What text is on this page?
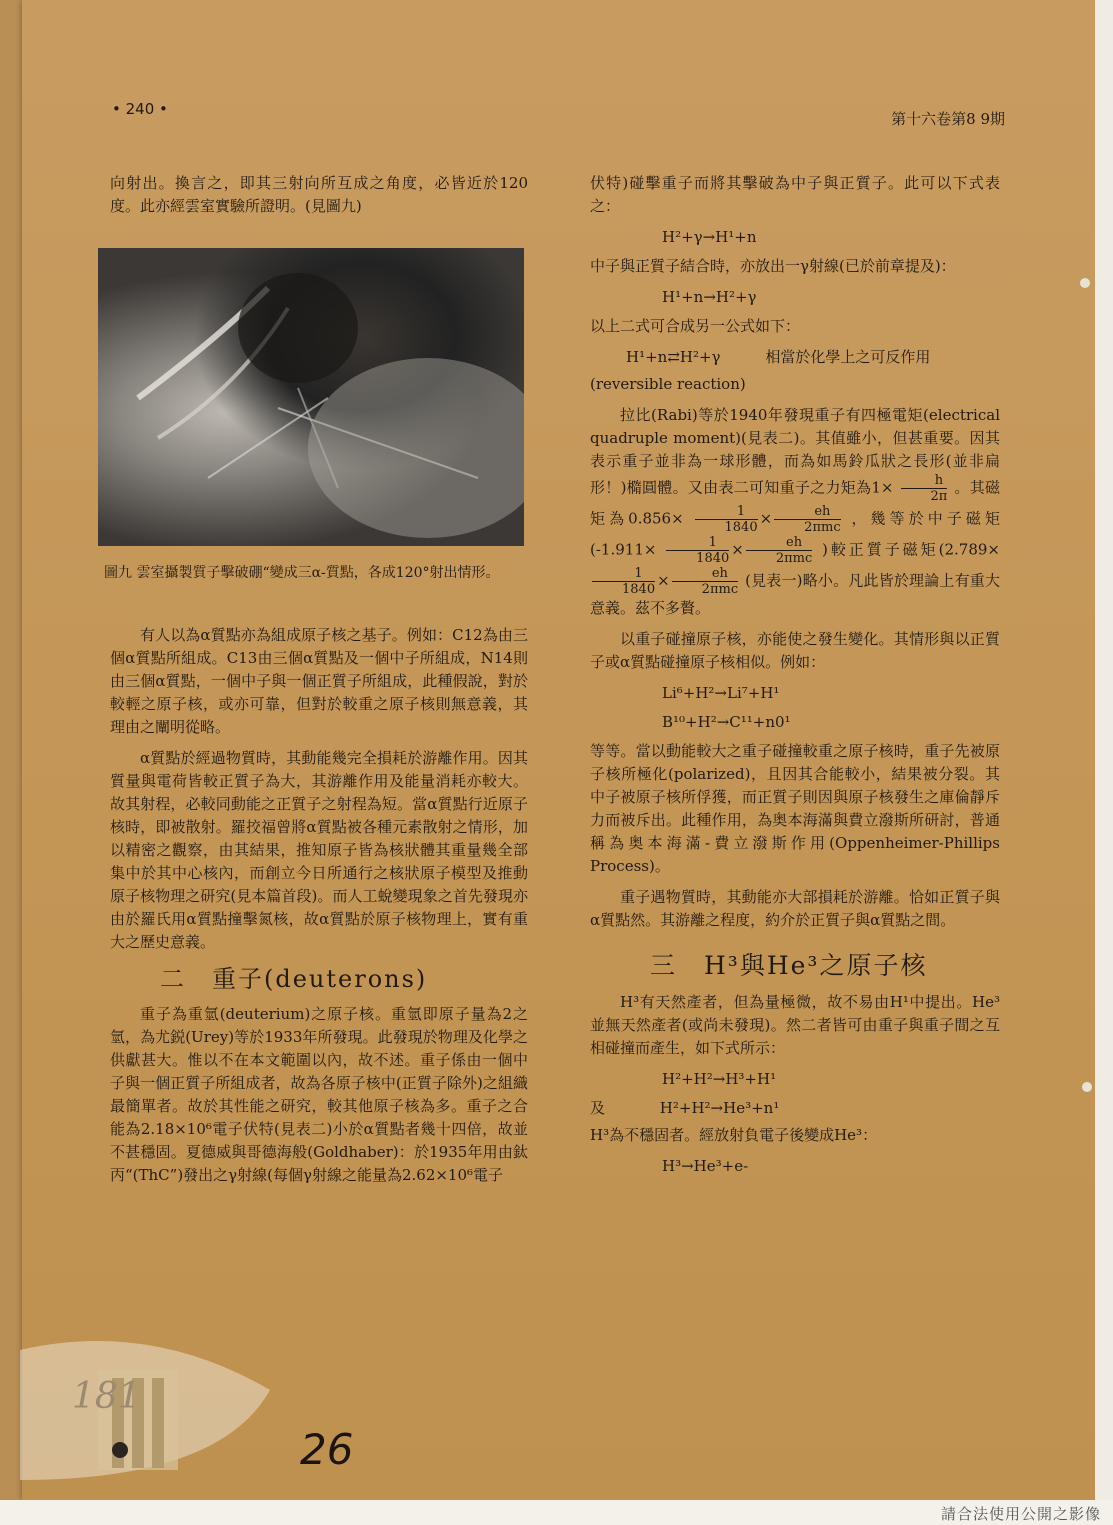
請合法使用公開之影像
• 240 •
第十六卷第8 9期

向射出。換言之，即其三射向所互成之角度，必皆近於120度。此亦經雲室實驗所證明。(見圖九)

圖九 雲室攝製質子擊破硼“變成三α-質點，各成120°射出情形。

有人以為α質點亦為組成原子核之基子。例如：C12為由三個α質點所組成。C13由三個α質點及一個中子所組成，N14則由三個α質點，一個中子與一個正質子所組成，此種假說，對於較輕之原子核，或亦可靠，但對於較重之原子核則無意義，其理由之闡明從略。

α質點於經過物質時，其動能幾完全損耗於游離作用。因其質量與電荷皆較正質子為大，其游離作用及能量消耗亦較大。故其射程，必較同動能之正質子之射程為短。當α質點行近原子核時，即被散射。羅挍福曾將α質點被各種元素散射之情形，加以精密之觀察，由其結果，推知原子皆為核狀體其重量幾全部集中於其中心核內，而創立今日所通行之核狀原子模型及推動原子核物理之研究(見本篇首段)。而人工蛻變現象之首先發現亦由於羅氏用α質點撞擊氮核，故α質點於原子核物理上，實有重大之歷史意義。

二　重子(deuterons)

重子為重氫(deuterium)之原子核。重氫即原子量為2之氫，為尤鋭(Urey)等於1933年所發現。此發現於物理及化學之供獻甚大。惟以不在本文範圍以內，故不述。重子係由一個中子與一個正質子所組成者，故為各原子核中(正質子除外)之組織最簡單者。故於其性能之研究，較其他原子核為多。重子之合能為2.18×10⁶電子伏特(見表二)小於α質點者幾十四倍，故並不甚穩固。夏德威與哥德海般(Goldhaber)：於1935年用由鈦丙“(ThC”)發出之γ射線(每個γ射線之能量為2.62×10⁶電子

伏特)碰擊重子而將其擊破為中子與正質子。此可以下式表之：

H²+γ→H¹+n

中子與正質子結合時，亦放出一γ射線(已於前章提及)：

H¹+n→H²+γ

以上二式可合成另一公式如下：

H¹+n⇄H²+γ	相當於化學上之可反作用

(reversible reaction)

拉比(Rabi)等於1940年發現重子有四極電矩(electrical quadruple moment)(見表二)。其值雖小，但甚重要。因其表示重子並非為一球形體，而為如馬鈴瓜狀之長形(並非扁形！)橢圓體。又由表二可知重子之力矩為$1\times \frac{h}{2\pi}$ 。其磁矩為$0.856\times \frac{1}{1840} \times \frac{eh}{\text{2πmc}}$ ，幾等於中子磁矩($-1.911\times \frac{1}{1840} \times \frac{eh}{\text{2πmc}}$ )較正質子磁矩(2.789×
$\frac{1}{1840} \times \frac{eh}{\text{2πmc}}$ (見表一)略小。凡此皆於理論上有重大意義。茲不多贅。

以重子碰撞原子核，亦能使之發生變化。其情形與以正質子或α質點碰撞原子核相似。例如：

Li⁶+H²→Li⁷+H¹
B¹⁰+H²→C¹¹+n0¹

等等。當以動能較大之重子碰撞較重之原子核時，重子先被原子核所極化(polarized)，且因其合能較小，結果被分裂。其中子被原子核所俘獲，而正質子則因與原子核發生之庫倫靜斥力而被斥出。此種作用，為奥本海滿與費立潑斯所研討，普通稱為奥本海滿-費立潑斯作用(Oppenheimer-Phillips Process)。

重子遇物質時，其動能亦大部損耗於游離。恰如正質子與α質點然。其游離之程度，約介於正質子與α質點之間。

三　H³與He³之原子核

H³有天然產者，但為量極微，故不易由H¹中提出。He³並無天然產者(或尚未發現)。然二者皆可由重子與重子間之互相碰撞而產生，如下式所示：

H²+H²→H³+H¹
及	H²+H²→He³+n¹

H³為不穩固者。經放射負電子後變成He³：

H³→He³+e-
181
26
